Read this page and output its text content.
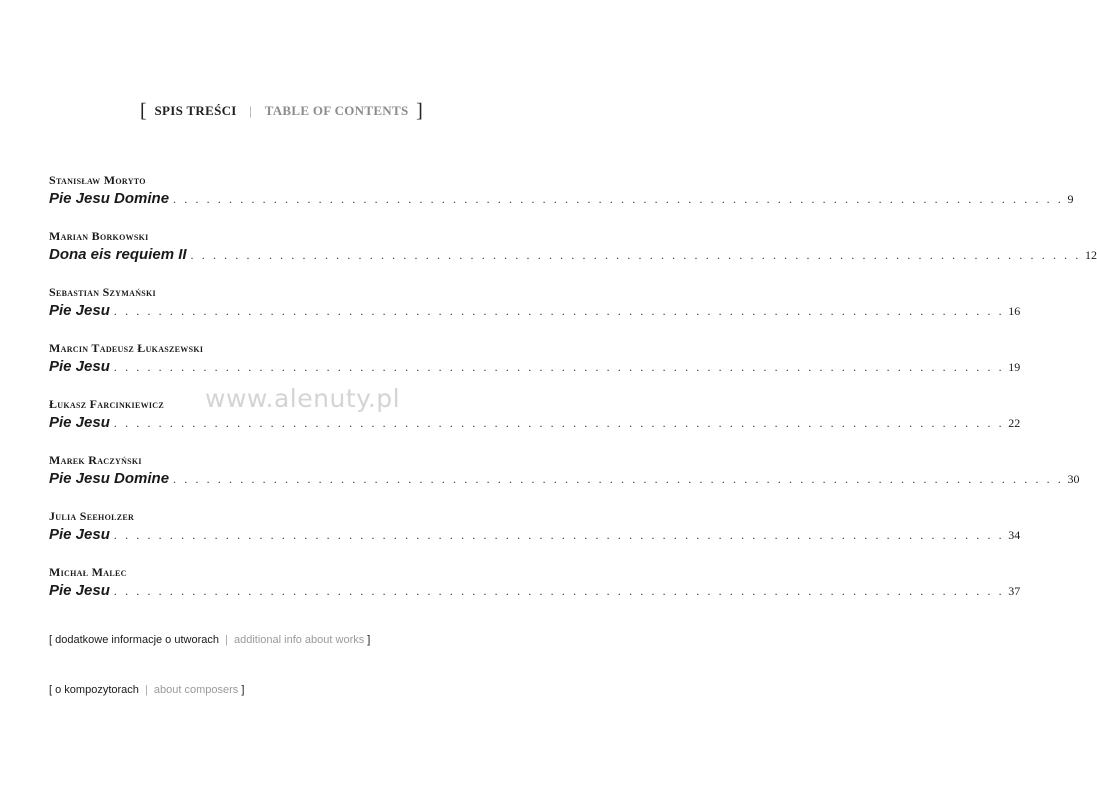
[ SPIS TREŚCI | TABLE OF CONTENTS ]
Stanisław Moryto
Pie Jesu Domine . . . . . . . . . . . . . . . . . . . . . . . . . . . . . . . . . . . . . . . . . . . . . . . . . . . . . . . . . . . . . . . . . . . . . . . . . . . . . . . . 9
Marian Borkowski
Dona eis requiem II . . . . . . . . . . . . . . . . . . . . . . . . . . . . . . . . . . . . . . . . . . . . . . . . . . . . . . . . . . . . . . . . . . . . . . . . . . . . . . . . 12
Sebastian Szymański
Pie Jesu . . . . . . . . . . . . . . . . . . . . . . . . . . . . . . . . . . . . . . . . . . . . . . . . . . . . . . . . . . . . . . . . . . . . . . . . . . . . . . . . 16
Marcin Tadeusz Łukaszewski
Pie Jesu . . . . . . . . . . . . . . . . . . . . . . . . . . . . . . . . . . . . . . . . . . . . . . . . . . . . . . . . . . . . . . . . . . . . . . . . . . . . . . . . 19
Łukasz Farcinkiewicz
Pie Jesu . . . . . . . . . . . . . . . . . . . . . . . . . . . . . . . . . . . . . . . . . . . . . . . . . . . . . . . . . . . . . . . . . . . . . . . . . . . . . . . . 22
Marek Raczyński
Pie Jesu Domine . . . . . . . . . . . . . . . . . . . . . . . . . . . . . . . . . . . . . . . . . . . . . . . . . . . . . . . . . . . . . . . . . . . . . . . . . . . . . . . . 30
Julia Seeholzer
Pie Jesu . . . . . . . . . . . . . . . . . . . . . . . . . . . . . . . . . . . . . . . . . . . . . . . . . . . . . . . . . . . . . . . . . . . . . . . . . . . . . . . . 34
Michał Malec
Pie Jesu . . . . . . . . . . . . . . . . . . . . . . . . . . . . . . . . . . . . . . . . . . . . . . . . . . . . . . . . . . . . . . . . . . . . . . . . . . . . . . . . 37
[ dodatkowe informacje o utworach | additional info about works ]
[ o kompozytorach | about composers ]
www.alenuty.pl
